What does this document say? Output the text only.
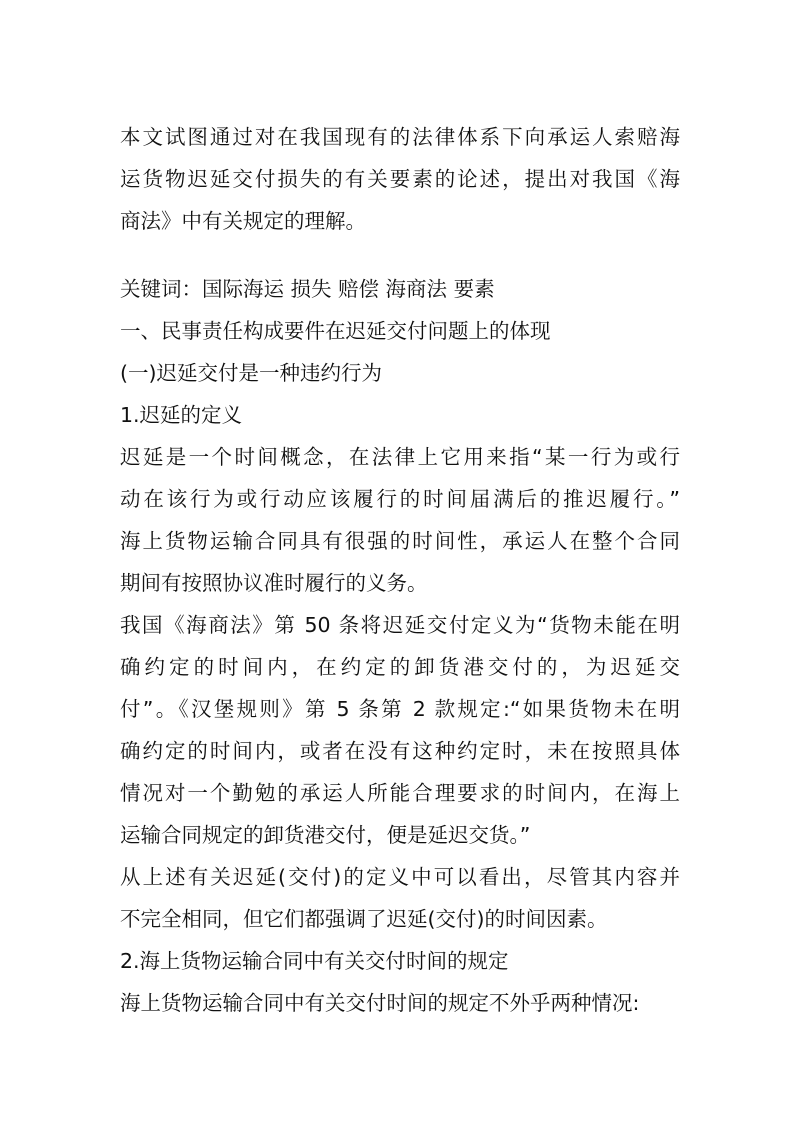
本文试图通过对在我国现有的法律体系下向承运人索赔海
运货物迟延交付损失的有关要素的论述，提出对我国《海
商法》中有关规定的理解。
关键词：国际海运 损失 赔偿 海商法 要素
一、民事责任构成要件在迟延交付问题上的体现
(一)迟延交付是一种违约行为
1.迟延的定义
迟延是一个时间概念，在法律上它用来指“某一行为或行
动在该行为或行动应该履行的时间届满后的推迟履行。”
海上货物运输合同具有很强的时间性，承运人在整个合同
期间有按照协议准时履行的义务。
我国《海商法》第 50 条将迟延交付定义为“货物未能在明
确约定的时间内，在约定的卸货港交付的，为迟延交
付”。《汉堡规则》第 5 条第 2 款规定:“如果货物未在明
确约定的时间内，或者在没有这种约定时，未在按照具体
情况对一个勤勉的承运人所能合理要求的时间内，在海上
运输合同规定的卸货港交付，便是延迟交货。”
从上述有关迟延(交付)的定义中可以看出，尽管其内容并
不完全相同，但它们都强调了迟延(交付)的时间因素。
2.海上货物运输合同中有关交付时间的规定
海上货物运输合同中有关交付时间的规定不外乎两种情况:
